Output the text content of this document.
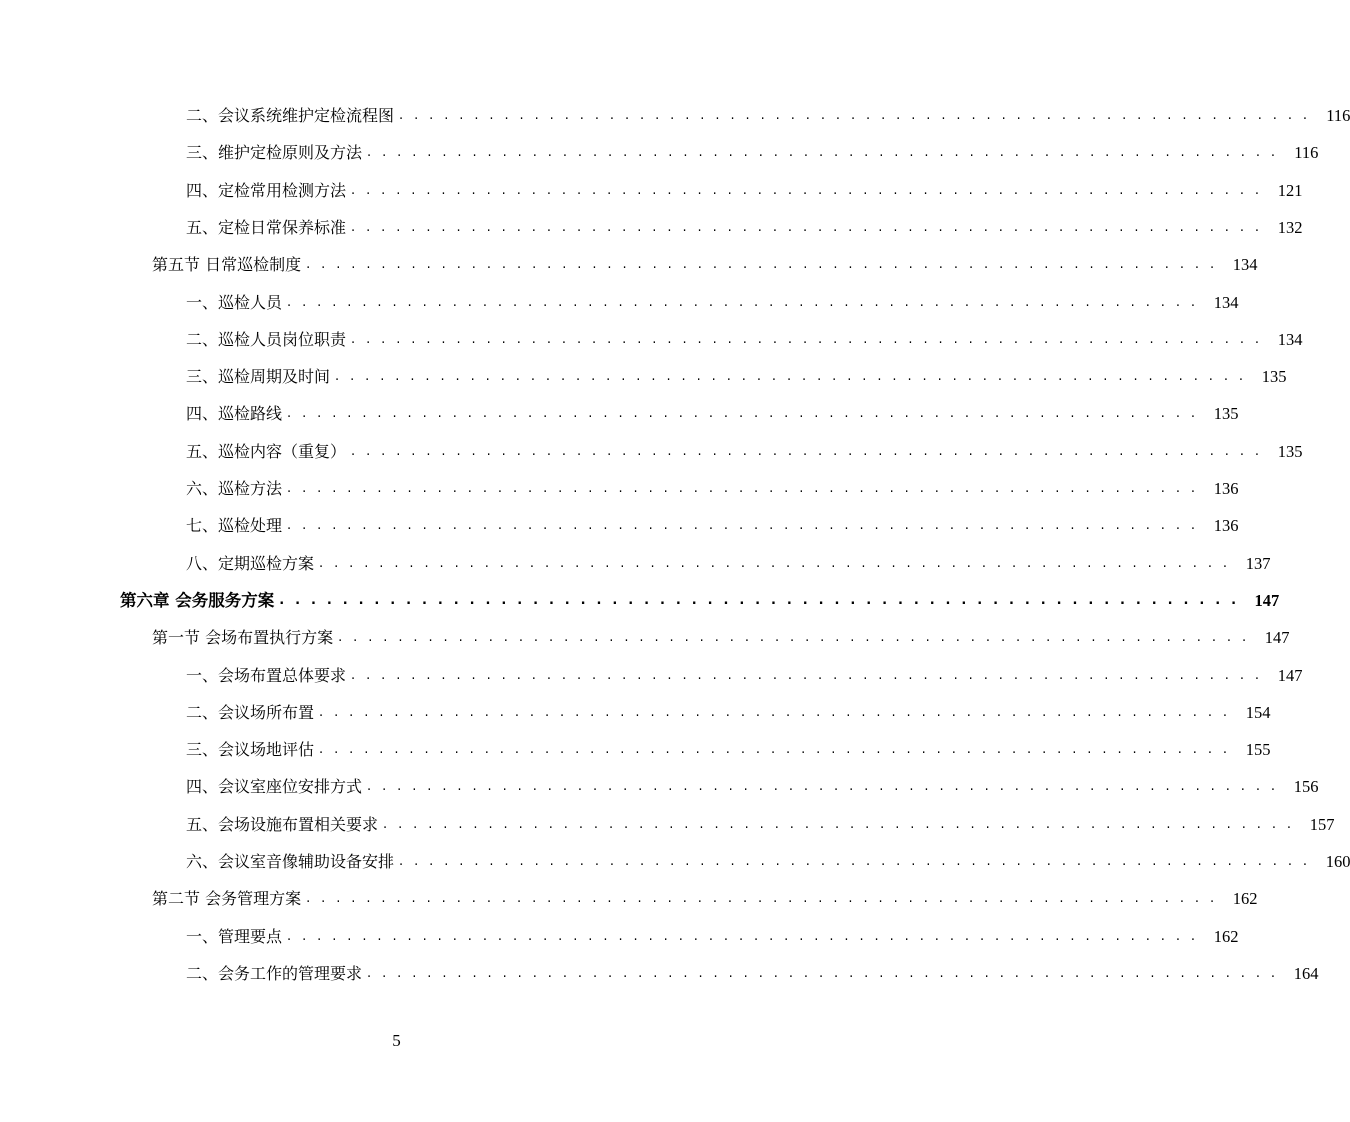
二、会议系统维护定检流程图 . . . . . . . . . . . . . . . . . . . . . . . . . . . . . . . . . . . . . . . . . . . . . . . . . . . . . . . . . . . . . 116
三、维护定检原则及方法 . . . . . . . . . . . . . . . . . . . . . . . . . . . . . . . . . . . . . . . . . . . . . . . . . . . . . . . . . . . . . 116
四、定检常用检测方法 . . . . . . . . . . . . . . . . . . . . . . . . . . . . . . . . . . . . . . . . . . . . . . . . . . . . . . . . . . . . . 121
五、定检日常保养标准 . . . . . . . . . . . . . . . . . . . . . . . . . . . . . . . . . . . . . . . . . . . . . . . . . . . . . . . . . . . . . 132
第五节 日常巡检制度 . . . . . . . . . . . . . . . . . . . . . . . . . . . . . . . . . . . . . . . . . . . . . . . . . . . . . . . . . . . . . 134
一、巡检人员 . . . . . . . . . . . . . . . . . . . . . . . . . . . . . . . . . . . . . . . . . . . . . . . . . . . . . . . . . . . . . 134
二、巡检人员岗位职责 . . . . . . . . . . . . . . . . . . . . . . . . . . . . . . . . . . . . . . . . . . . . . . . . . . . . . . . . . . . . . 134
三、巡检周期及时间 . . . . . . . . . . . . . . . . . . . . . . . . . . . . . . . . . . . . . . . . . . . . . . . . . . . . . . . . . . . . . 135
四、巡检路线 . . . . . . . . . . . . . . . . . . . . . . . . . . . . . . . . . . . . . . . . . . . . . . . . . . . . . . . . . . . . . 135
五、巡检内容（重复） . . . . . . . . . . . . . . . . . . . . . . . . . . . . . . . . . . . . . . . . . . . . . . . . . . . . . . . . . . . . . 135
六、巡检方法 . . . . . . . . . . . . . . . . . . . . . . . . . . . . . . . . . . . . . . . . . . . . . . . . . . . . . . . . . . . . . 136
七、巡检处理 . . . . . . . . . . . . . . . . . . . . . . . . . . . . . . . . . . . . . . . . . . . . . . . . . . . . . . . . . . . . . 136
八、定期巡检方案 . . . . . . . . . . . . . . . . . . . . . . . . . . . . . . . . . . . . . . . . . . . . . . . . . . . . . . . . . . . . . 137
第六章 会务服务方案 . . . . . . . . . . . . . . . . . . . . . . . . . . . . . . . . . . . . . . . . . . . . . . . . . . . . . . . . . . . . . 147
第一节 会场布置执行方案 . . . . . . . . . . . . . . . . . . . . . . . . . . . . . . . . . . . . . . . . . . . . . . . . . . . . . . . . . . . . . 147
一、会场布置总体要求 . . . . . . . . . . . . . . . . . . . . . . . . . . . . . . . . . . . . . . . . . . . . . . . . . . . . . . . . . . . . . 147
二、会议场所布置 . . . . . . . . . . . . . . . . . . . . . . . . . . . . . . . . . . . . . . . . . . . . . . . . . . . . . . . . . . . . . 154
三、会议场地评估 . . . . . . . . . . . . . . . . . . . . . . . . . . . . . . . . . . . . . . . . . . . . . . . . . . . . . . . . . . . . . 155
四、会议室座位安排方式 . . . . . . . . . . . . . . . . . . . . . . . . . . . . . . . . . . . . . . . . . . . . . . . . . . . . . . . . . . . . . 156
五、会场设施布置相关要求 . . . . . . . . . . . . . . . . . . . . . . . . . . . . . . . . . . . . . . . . . . . . . . . . . . . . . . . . . . . . . 157
六、会议室音像辅助设备安排 . . . . . . . . . . . . . . . . . . . . . . . . . . . . . . . . . . . . . . . . . . . . . . . . . . . . . . . . . . . . . 160
第二节 会务管理方案 . . . . . . . . . . . . . . . . . . . . . . . . . . . . . . . . . . . . . . . . . . . . . . . . . . . . . . . . . . . . . 162
一、管理要点 . . . . . . . . . . . . . . . . . . . . . . . . . . . . . . . . . . . . . . . . . . . . . . . . . . . . . . . . . . . . . 162
二、会务工作的管理要求 . . . . . . . . . . . . . . . . . . . . . . . . . . . . . . . . . . . . . . . . . . . . . . . . . . . . . . . . . . . . . 164
5
